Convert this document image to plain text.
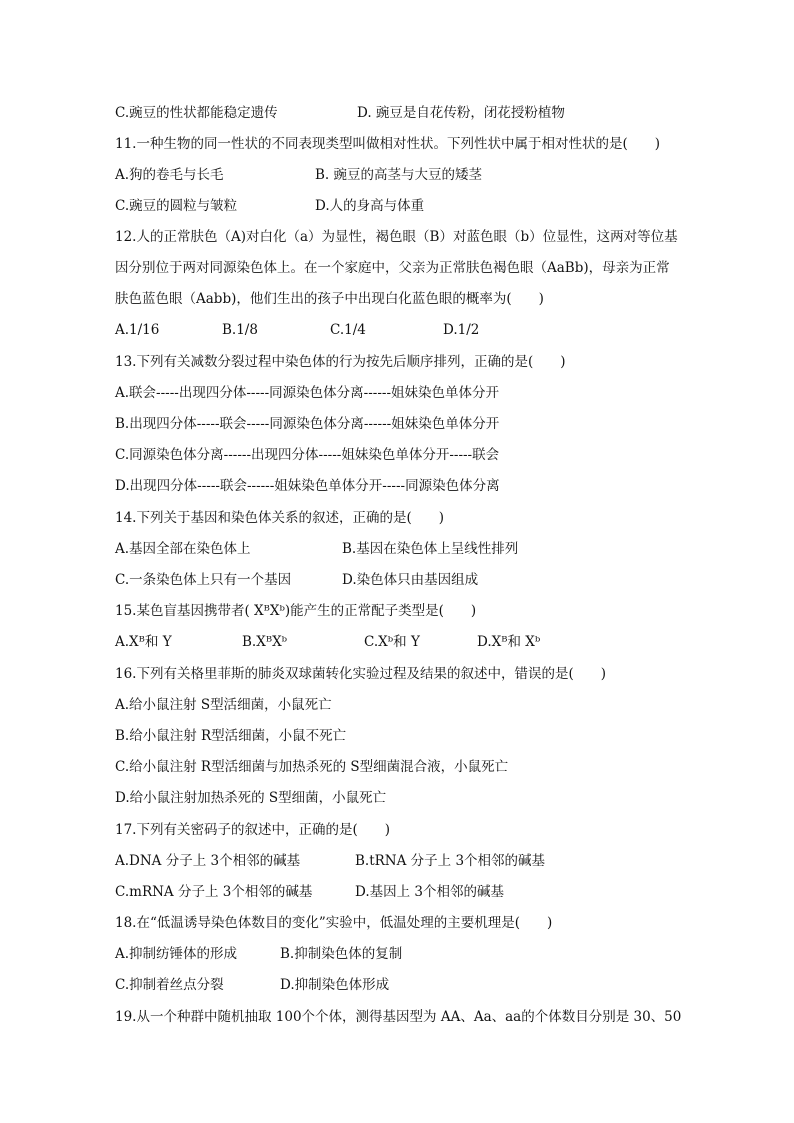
C.豌豆的性状都能稳定遗传	D. 豌豆是自花传粉，闭花授粉植物
11.一种生物的同一性状的不同表现类型叫做相对性状。下列性状中属于相对性状的是(　　)
A.狗的卷毛与长毛	B. 豌豆的高茎与大豆的矮茎
C.豌豆的圆粒与皱粒	D.人的身高与体重
12.人的正常肤色（A)对白化（a）为显性，褐色眼（B）对蓝色眼（b）位显性，这两对等位基
因分别位于两对同源染色体上。在一个家庭中，父亲为正常肤色褐色眼（AaBb)，母亲为正常
肤色蓝色眼（Aabb)，他们生出的孩子中出现白化蓝色眼的概率为(　　)
A.1/16	B.1/8	C.1/4	D.1/2
13.下列有关减数分裂过程中染色体的行为按先后顺序排列，正确的是(　　)
A.联会-----出现四分体-----同源染色体分离------姐妹染色单体分开
B.出现四分体-----联会-----同源染色体分离------姐妹染色单体分开
C.同源染色体分离------出现四分体-----姐妹染色单体分开-----联会
D.出现四分体-----联会------姐妹染色单体分开-----同源染色体分离
14.下列关于基因和染色体关系的叙述，正确的是(　　)
A.基因全部在染色体上	B.基因在染色体上呈线性排列
C.一条染色体上只有一个基因	D.染色体只由基因组成
15.某色盲基因携带者( XᴮXᵇ)能产生的正常配子类型是(　　)
A.Xᴮ和 Y	B.XᴮXᵇ	C.Xᵇ和 Y	D.Xᴮ和 Xᵇ
16.下列有关格里菲斯的肺炎双球菌转化实验过程及结果的叙述中，错误的是(　　)
A.给小鼠注射 S型活细菌，小鼠死亡
B.给小鼠注射 R型活细菌，小鼠不死亡
C.给小鼠注射 R型活细菌与加热杀死的 S型细菌混合液，小鼠死亡
D.给小鼠注射加热杀死的 S型细菌，小鼠死亡
17.下列有关密码子的叙述中，正确的是(　　)
A.DNA 分子上 3个相邻的碱基	B.tRNA 分子上 3个相邻的碱基
C.mRNA 分子上 3个相邻的碱基	D.基因上 3个相邻的碱基
18.在“低温诱导染色体数目的变化”实验中，低温处理的主要机理是(　　)
A.抑制纺锤体的形成	B.抑制染色体的复制
C.抑制着丝点分裂	D.抑制染色体形成
19.从一个种群中随机抽取 100个个体，测得基因型为 AA、Aa、aa的个体数目分别是 30、50
